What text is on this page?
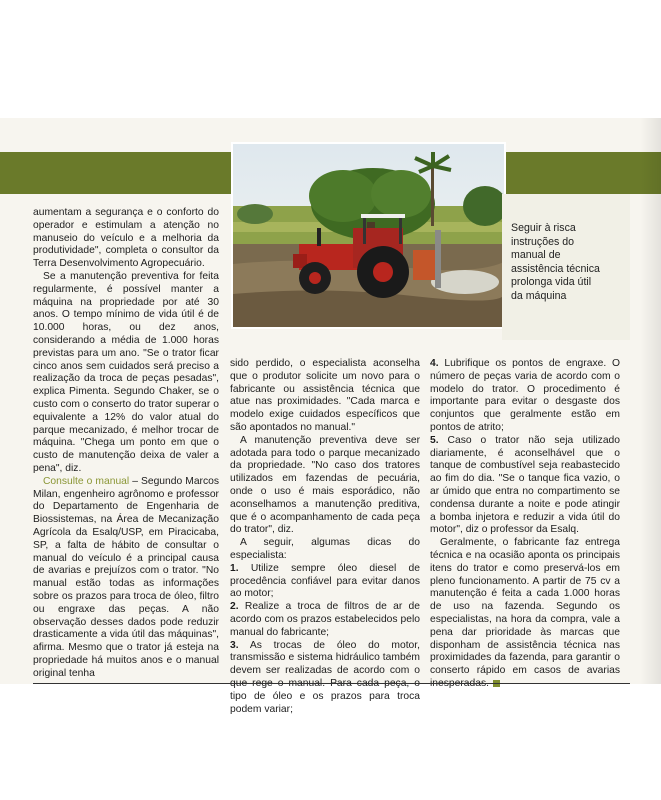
Seguir à risca instruções do manual de assistência técnica prolonga vida útil da máquina

aumentam a segurança e o conforto do operador e estimulam a atenção no manuseio do veículo e a melhoria da produtividade", completa o consultor da Terra Desenvolvimento Agropecuário.

Se a manutenção preventiva for feita regularmente, é possível manter a máquina na propriedade por até 30 anos. O tempo mínimo de vida útil é de 10.000 horas, ou dez anos, considerando a média de 1.000 horas previstas para um ano. "Se o trator ficar cinco anos sem cuidados será preciso a realização da troca de peças pesadas", explica Pimenta. Segundo Chaker, se o custo com o conserto do trator superar o equivalente a 12% do valor atual do parque mecanizado, é melhor trocar de máquina. "Chega um ponto em que o custo de manutenção deixa de valer a pena", diz.

Consulte o manual – Segundo Marcos Milan, engenheiro agrônomo e professor do Departamento de Engenharia de Biossistemas, na Área de Mecanização Agrícola da Esalq/USP, em Piracicaba, SP, a falta de hábito de consultar o manual do veículo é a principal causa de avarias e prejuízos com o trator. "No manual estão todas as informações sobre os prazos para troca de óleo, filtro ou engraxe das peças. A não observação desses dados pode reduzir drasticamente a vida útil das máquinas", afirma. Mesmo que o trator já esteja na propriedade há muitos anos e o manual original tenha

sido perdido, o especialista aconselha que o produtor solicite um novo para o fabricante ou assistência técnica que atue nas proximidades. "Cada marca e modelo exige cuidados específicos que são apontados no manual."

A manutenção preventiva deve ser adotada para todo o parque mecanizado da propriedade. "No caso dos tratores utilizados em fazendas de pecuária, onde o uso é mais esporádico, não aconselhamos a manutenção preditiva, que é o acompanhamento de cada peça do trator", diz.

A seguir, algumas dicas do especialista:

1. Utilize sempre óleo diesel de procedência confiável para evitar danos ao motor;

2. Realize a troca de filtros de ar de acordo com os prazos estabelecidos pelo manual do fabricante;

3. As trocas de óleo do motor, transmissão e sistema hidráulico também devem ser realizadas de acordo com o tipo de óleo e os prazos para troca podem variar;

4. Lubrifique os pontos de engraxe. O número de peças varia de acordo com o modelo do trator. O procedimento é importante para evitar o desgaste dos conjuntos que geralmente estão em pontos de atrito;

5. Caso o trator não seja utilizado diariamente, é aconselhável que o tanque de combustível seja reabastecido ao fim do dia. "Se o tanque fica vazio, o ar úmido que entra no compartimento se condensa durante a noite e pode atingir a bomba injetora e reduzir a vida útil do motor", diz o professor da Esalq.

Geralmente, o fabricante faz entrega técnica e na ocasião aponta os principais itens do trator e como preservá-los em pleno funcionamento. A partir de 75 cv a manutenção é feita a cada 1.000 horas de uso na fazenda. Segundo os especialistas, na hora da compra, vale a pena dar prioridade às marcas que disponham de assistência técnica nas proximidades da fazenda, para garantir o conserto rápido em casos de avarias
